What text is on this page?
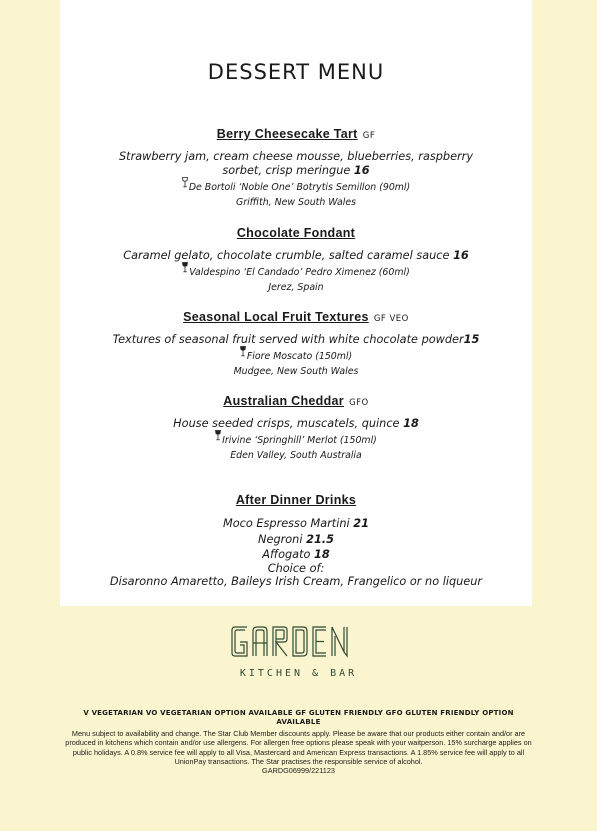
DESSERT MENU
Berry Cheesecake Tart GF
Strawberry jam, cream cheese mousse, blueberries, raspberry
sorbet, crisp meringue 16
De Bortoli ‘Noble One’ Botrytis Semillon (90ml)
Griffith, New South Wales
Chocolate Fondant
Caramel gelato, chocolate crumble, salted caramel sauce 16
Valdespino ‘El Candado’ Pedro Ximenez (60ml)
Jerez, Spain
Seasonal Local Fruit Textures GF VEO
Textures of seasonal fruit served with white chocolate powder15
Fiore Moscato (150ml)
Mudgee, New South Wales
Australian Cheddar GFO
House seeded crisps, muscatels, quince 18
Irivine ‘Springhill’ Merlot (150ml)
Eden Valley, South Australia
After Dinner Drinks
Moco Espresso Martini 21
Negroni 21.5
Affogato 18
Choice of:
Disaronno Amaretto, Baileys Irish Cream, Frangelico or no liqueur
KITCHEN & BAR
V VEGETARIAN VO VEGETARIAN OPTION AVAILABLE GF GLUTEN FRIENDLY GFO GLUTEN FRIENDLY OPTION AVAILABLE
Menu subject to availability and change. The Star Club Member discounts apply. Please be aware that our products either contain and/or are produced in kitchens which contain and/or use allergens. For allergen free options please speak with your waitperson. 15% surcharge applies on public holidays. A 0.8% service fee will apply to all Visa, Mastercard and American Express transactions. A 1.85% service fee will apply to all UnionPay transactions. The Star practises the responsible service of alcohol.
GARDG06999/221123
